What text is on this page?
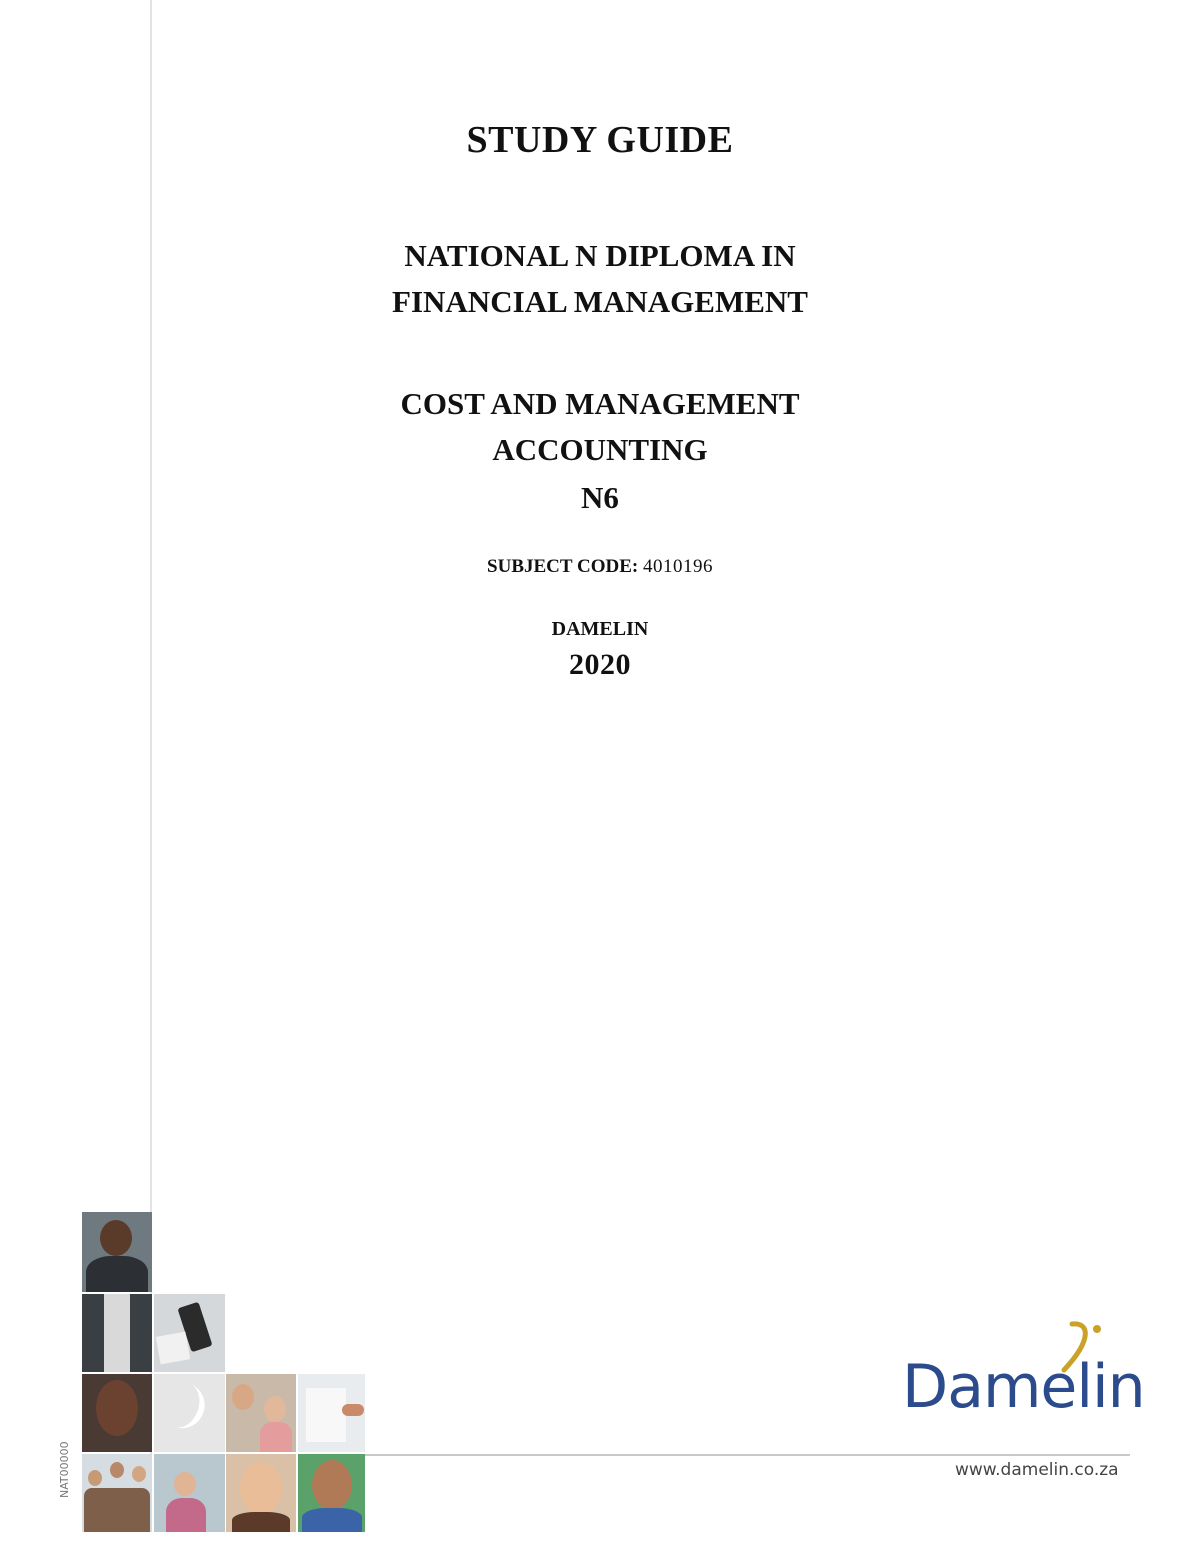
STUDY GUIDE
NATIONAL N DIPLOMA IN
FINANCIAL MANAGEMENT
COST AND MANAGEMENT
ACCOUNTING
N6
SUBJECT CODE: 4010196
DAMELIN
2020
NAT00000
Damelin
www.damelin.co.za
